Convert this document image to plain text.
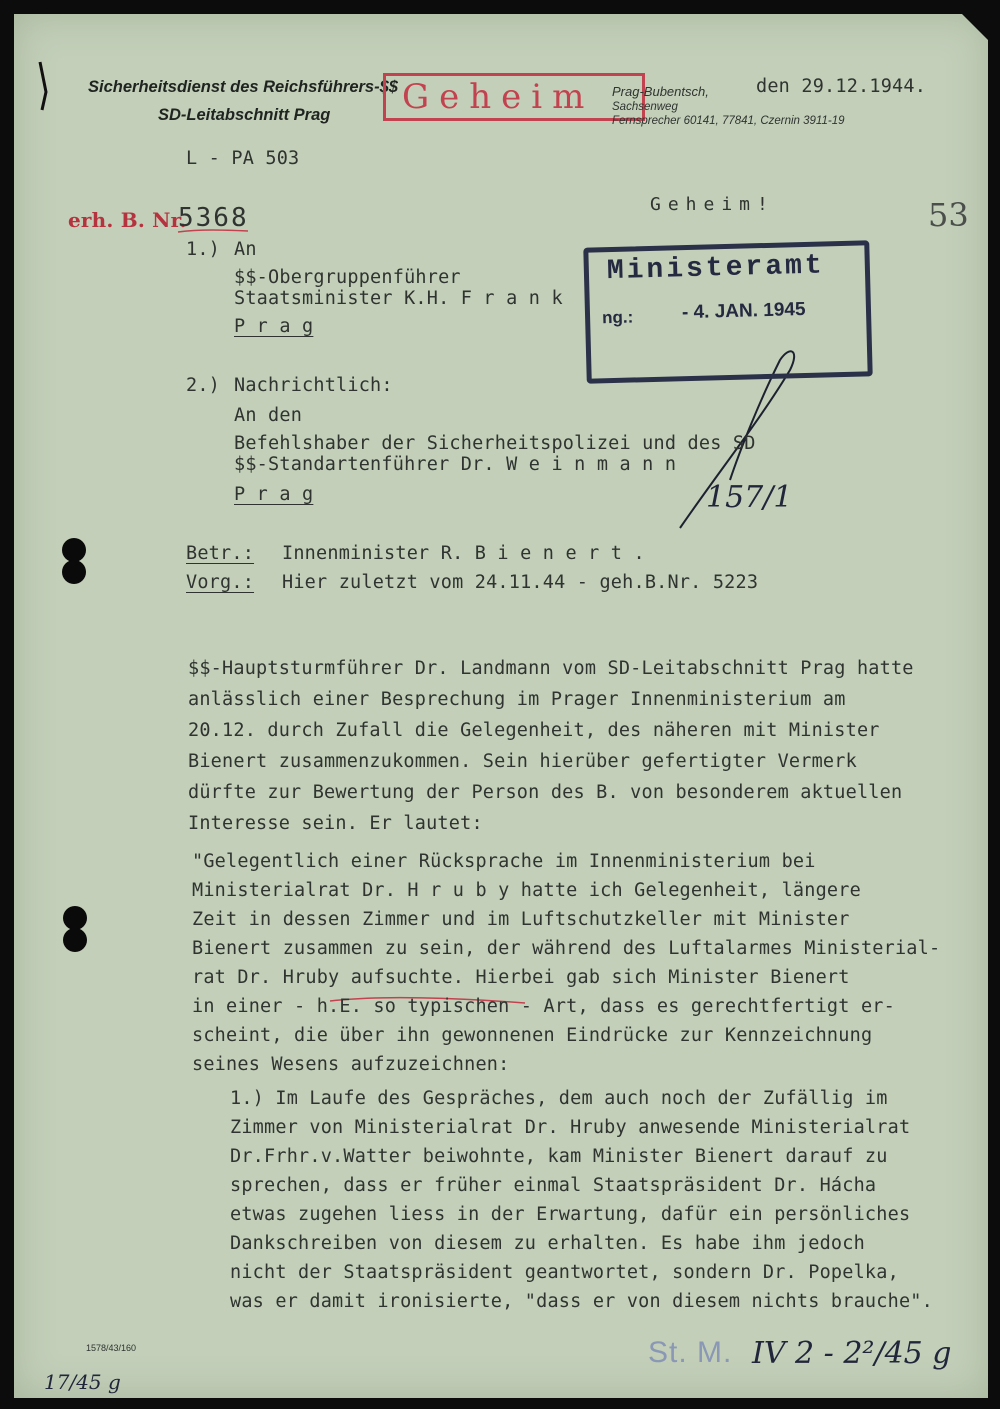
Sicherheitsdienst des Reichsführers-$$
SD-Leitabschnitt Prag	Geheim	Prag-Bubentsch,
Sachsenweg
Fernsprecher 60141, 77841, Czernin 3911-19
den 29.12.1944.
L - PA 503
erh. B. Nr.
5368	Geheim!	53
1.) An
$$-Obergruppenführer
Staatsminister K.H. F r a n k
P r a g
Ministeramt
ng.:	- 4. JAN. 1945
2.) Nachrichtlich:
An den
Befehlshaber der Sicherheitspolizei und des SD
$$-Standartenführer Dr. W e i n m a n n
P r a g	157/1
Betr.: Innenminister R. B i e n e r t .
Vorg.: Hier zuletzt vom 24.11.44 - geh.B.Nr. 5223
$$-Hauptsturmführer Dr. Landmann vom SD-Leitabschnitt Prag hatte
anlässlich einer Besprechung im Prager Innenministerium am
20.12. durch Zufall die Gelegenheit, des näheren mit Minister
Bienert zusammenzukommen. Sein hierüber gefertigter Vermerk
dürfte zur Bewertung der Person des B. von besonderem aktuellen
Interesse sein. Er lautet:
"Gelegentlich einer Rücksprache im Innenministerium bei
Ministerialrat Dr. H r u b y hatte ich Gelegenheit, längere
Zeit in dessen Zimmer und im Luftschutzkeller mit Minister
Bienert zusammen zu sein, der während des Luftalarmes Ministerial-
rat Dr. Hruby aufsuchte. Hierbei gab sich Minister Bienert
in einer - h.E. so typischen - Art, dass es gerechtfertigt er-
scheint, die über ihn gewonnenen Eindrücke zur Kennzeichnung
seines Wesens aufzuzeichnen:
1.) Im Laufe des Gespräches, dem auch noch der Zufällig im
Zimmer von Ministerialrat Dr. Hruby anwesende Ministerialrat
Dr.Frhr.v.Watter beiwohnte, kam Minister Bienert darauf zu
sprechen, dass er früher einmal Staatspräsident Dr. Hácha
etwas zugehen liess in der Erwartung, dafür ein persönliches
Dankschreiben von diesem zu erhalten. Es habe ihm jedoch
nicht der Staatspräsident geantwortet, sondern Dr. Popelka,
was er damit ironisierte, "dass er von diesem nichts brauche".
1578/43/160	St. M. IV 2 - 2²/45 g
17/45 g
